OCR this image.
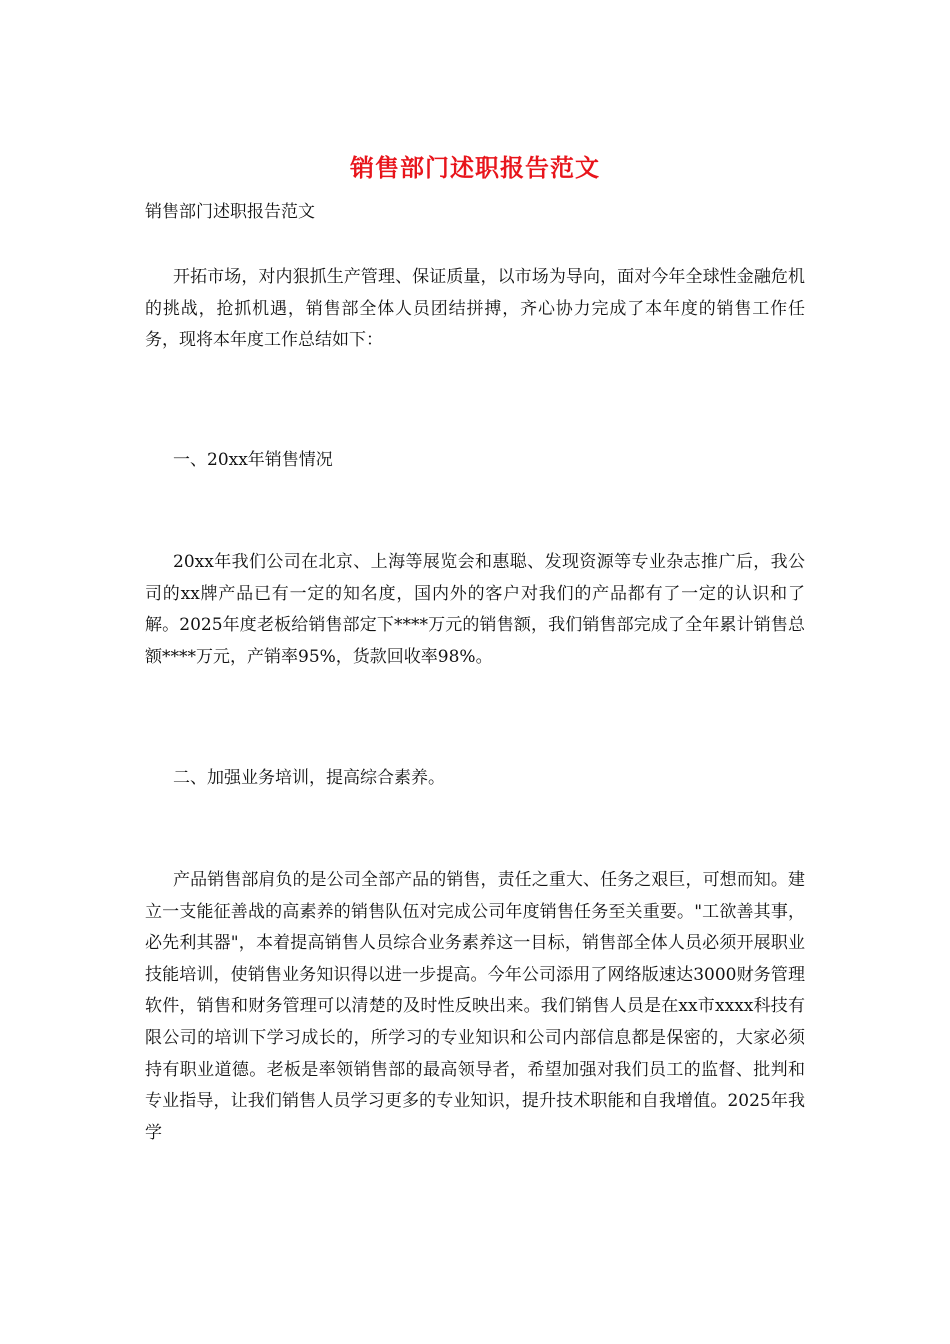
销售部门述职报告范文

销售部门述职报告范文

开拓市场，对内狠抓生产管理、保证质量，以市场为导向，面对今年全球性金融危机的挑战，抢抓机遇，销售部全体人员团结拼搏，齐心协力完成了本年度的销售工作任务，现将本年度工作总结如下：

一、20xx年销售情况

20xx年我们公司在北京、上海等展览会和惠聪、发现资源等专业杂志推广后，我公司的xx牌产品已有一定的知名度，国内外的客户对我们的产品都有了一定的认识和了解。2025年度老板给销售部定下****万元的销售额，我们销售部完成了全年累计销售总额****万元，产销率95%，货款回收率98%。

二、加强业务培训，提高综合素养。

产品销售部肩负的是公司全部产品的销售，责任之重大、任务之艰巨，可想而知。建立一支能征善战的高素养的销售队伍对完成公司年度销售任务至关重要。"工欲善其事，必先利其器"，本着提高销售人员综合业务素养这一目标，销售部全体人员必须开展职业技能培训，使销售业务知识得以进一步提高。今年公司添用了网络版速达3000财务管理软件，销售和财务管理可以清楚的及时性反映出来。我们销售人员是在xx市xxxx科技有限公司的培训下学习成长的，所学习的专业知识和公司内部信息都是保密的，大家必须持有职业道德。老板是率领销售部的最高领导者，希望加强对我们员工的监督、批判和专业指导，让我们销售人员学习更多的专业知识，提升技术职能和自我增值。2025年我学
